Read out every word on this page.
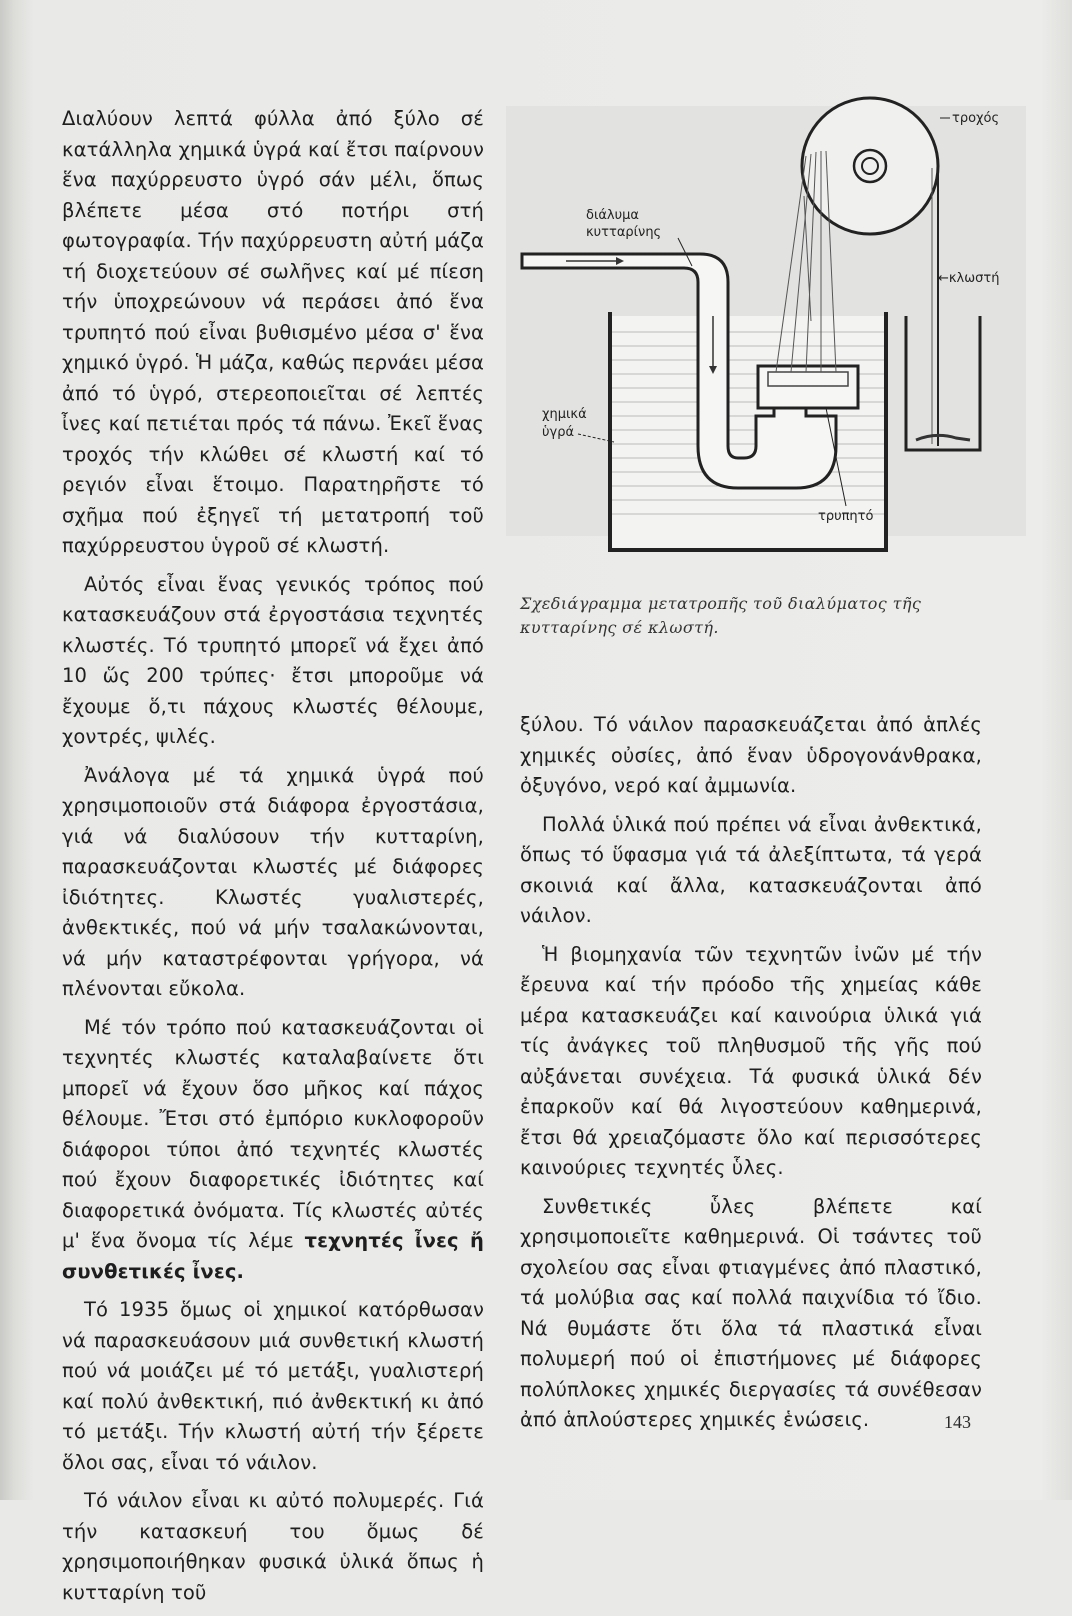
Διαλύουν λεπτά φύλλα ἀπό ξύλο σέ κατάλληλα χημικά ὑγρά καί ἔτσι παίρνουν ἕνα παχύρρευστο ὑγρό σάν μέλι, ὅπως βλέπετε μέσα στό ποτήρι στή φωτογραφία. Τήν παχύρρευστη αὐτή μάζα τή διοχετεύουν σέ σωλῆνες καί μέ πίεση τήν ὑποχρεώνουν νά περάσει ἀπό ἕνα τρυπητό πού εἶναι βυθισμένο μέσα σ' ἕνα χημικό ὑγρό. Ἡ μάζα, καθώς περνάει μέσα ἀπό τό ὑγρό, στερεοποιεῖται σέ λεπτές ἶνες καί πετιέται πρός τά πάνω. Ἐκεῖ ἕνας τροχός τήν κλώθει σέ κλωστή καί τό ρεγιόν εἶναι ἕτοιμο. Παρατηρῆστε τό σχῆμα πού ἐξηγεῖ τή μετατροπή τοῦ παχύρρευστου ὑγροῦ σέ κλωστή.

Αὐτός εἶναι ἕνας γενικός τρόπος πού κατασκευάζουν στά ἐργοστάσια τεχνητές κλωστές. Τό τρυπητό μπορεῖ νά ἔχει ἀπό 10 ὥς 200 τρύπες· ἔτσι μποροῦμε νά ἔχουμε ὅ,τι πάχους κλωστές θέλουμε, χοντρές, ψιλές.

Ἀνάλογα μέ τά χημικά ὑγρά πού χρησιμοποιοῦν στά διάφορα ἐργοστάσια, γιά νά διαλύσουν τήν κυτταρίνη, παρασκευάζονται κλωστές μέ διάφορες ἰδιότητες. Κλωστές γυαλιστερές, ἀνθεκτικές, πού νά μήν τσαλακώνονται, νά μήν καταστρέφονται γρήγορα, νά πλένονται εὔκολα.

Μέ τόν τρόπο πού κατασκευάζονται οἱ τεχνητές κλωστές καταλαβαίνετε ὅτι μπορεῖ νά ἔχουν ὅσο μῆκος καί πάχος θέλουμε. Ἔτσι στό ἐμπόριο κυκλοφοροῦν διάφοροι τύποι ἀπό τεχνητές κλωστές πού ἔχουν διαφορετικές ἰδιότητες καί διαφορετικά ὀνόματα. Τίς κλωστές αὐτές μ' ἕνα ὄνομα τίς λέμε τεχνητές ἶνες ἤ συνθετικές ἶνες.

Τό 1935 ὅμως οἱ χημικοί κατόρθωσαν νά παρασκευάσουν μιά συνθετική κλωστή πού νά μοιάζει μέ τό μετάξι, γυαλιστερή καί πολύ ἀνθεκτική, πιό ἀνθεκτική κι ἀπό τό μετάξι. Τήν κλωστή αὐτή τήν ξέρετε ὅλοι σας, εἶναι τό νάιλον.

Τό νάιλον εἶναι κι αὐτό πολυμερές. Γιά τήν κατασκευή του ὅμως δέ χρησιμοποιήθηκαν φυσικά ὑλικά ὅπως ἡ κυτταρίνη τοῦ

τροχός
διάλυμα
κυτταρίνης
←κλωστή
χημικά
ὑγρά
τρυπητό
Σχεδιάγραμμα μετατροπῆς τοῦ διαλύματος τῆς κυτταρίνης σέ κλωστή.

ξύλου. Τό νάιλον παρασκευάζεται ἀπό ἁπλές χημικές οὐσίες, ἀπό ἕναν ὑδρογονάνθρακα, ὀξυγόνο, νερό καί ἀμμωνία.

Πολλά ὑλικά πού πρέπει νά εἶναι ἀνθεκτικά, ὅπως τό ὕφασμα γιά τά ἀλεξίπτωτα, τά γερά σκοινιά καί ἄλλα, κατασκευάζονται ἀπό νάιλον.

Ἡ βιομηχανία τῶν τεχνητῶν ἰνῶν μέ τήν ἔρευνα καί τήν πρόοδο τῆς χημείας κάθε μέρα κατασκευάζει καί καινούρια ὑλικά γιά τίς ἀνάγκες τοῦ πληθυσμοῦ τῆς γῆς πού αὐξάνεται συνέχεια. Τά φυσικά ὑλικά δέν ἐπαρκοῦν καί θά λιγοστεύουν καθημερινά, ἔτσι θά χρειαζόμαστε ὅλο καί περισσότερες καινούριες τεχνητές ὗλες.

Συνθετικές ὗλες βλέπετε καί χρησιμοποιεῖτε καθημερινά. Οἱ τσάντες τοῦ σχολείου σας εἶναι φτιαγμένες ἀπό πλαστικό, τά μολύβια σας καί πολλά παιχνίδια τό ἴδιο. Νά θυμάστε ὅτι ὅλα τά πλαστικά εἶναι πολυμερή πού οἱ ἐπιστήμονες μέ διάφορες πολύπλοκες χημικές διεργασίες τά συνέθεσαν ἀπό ἁπλούστερες χημικές ἑνώσεις.	143
